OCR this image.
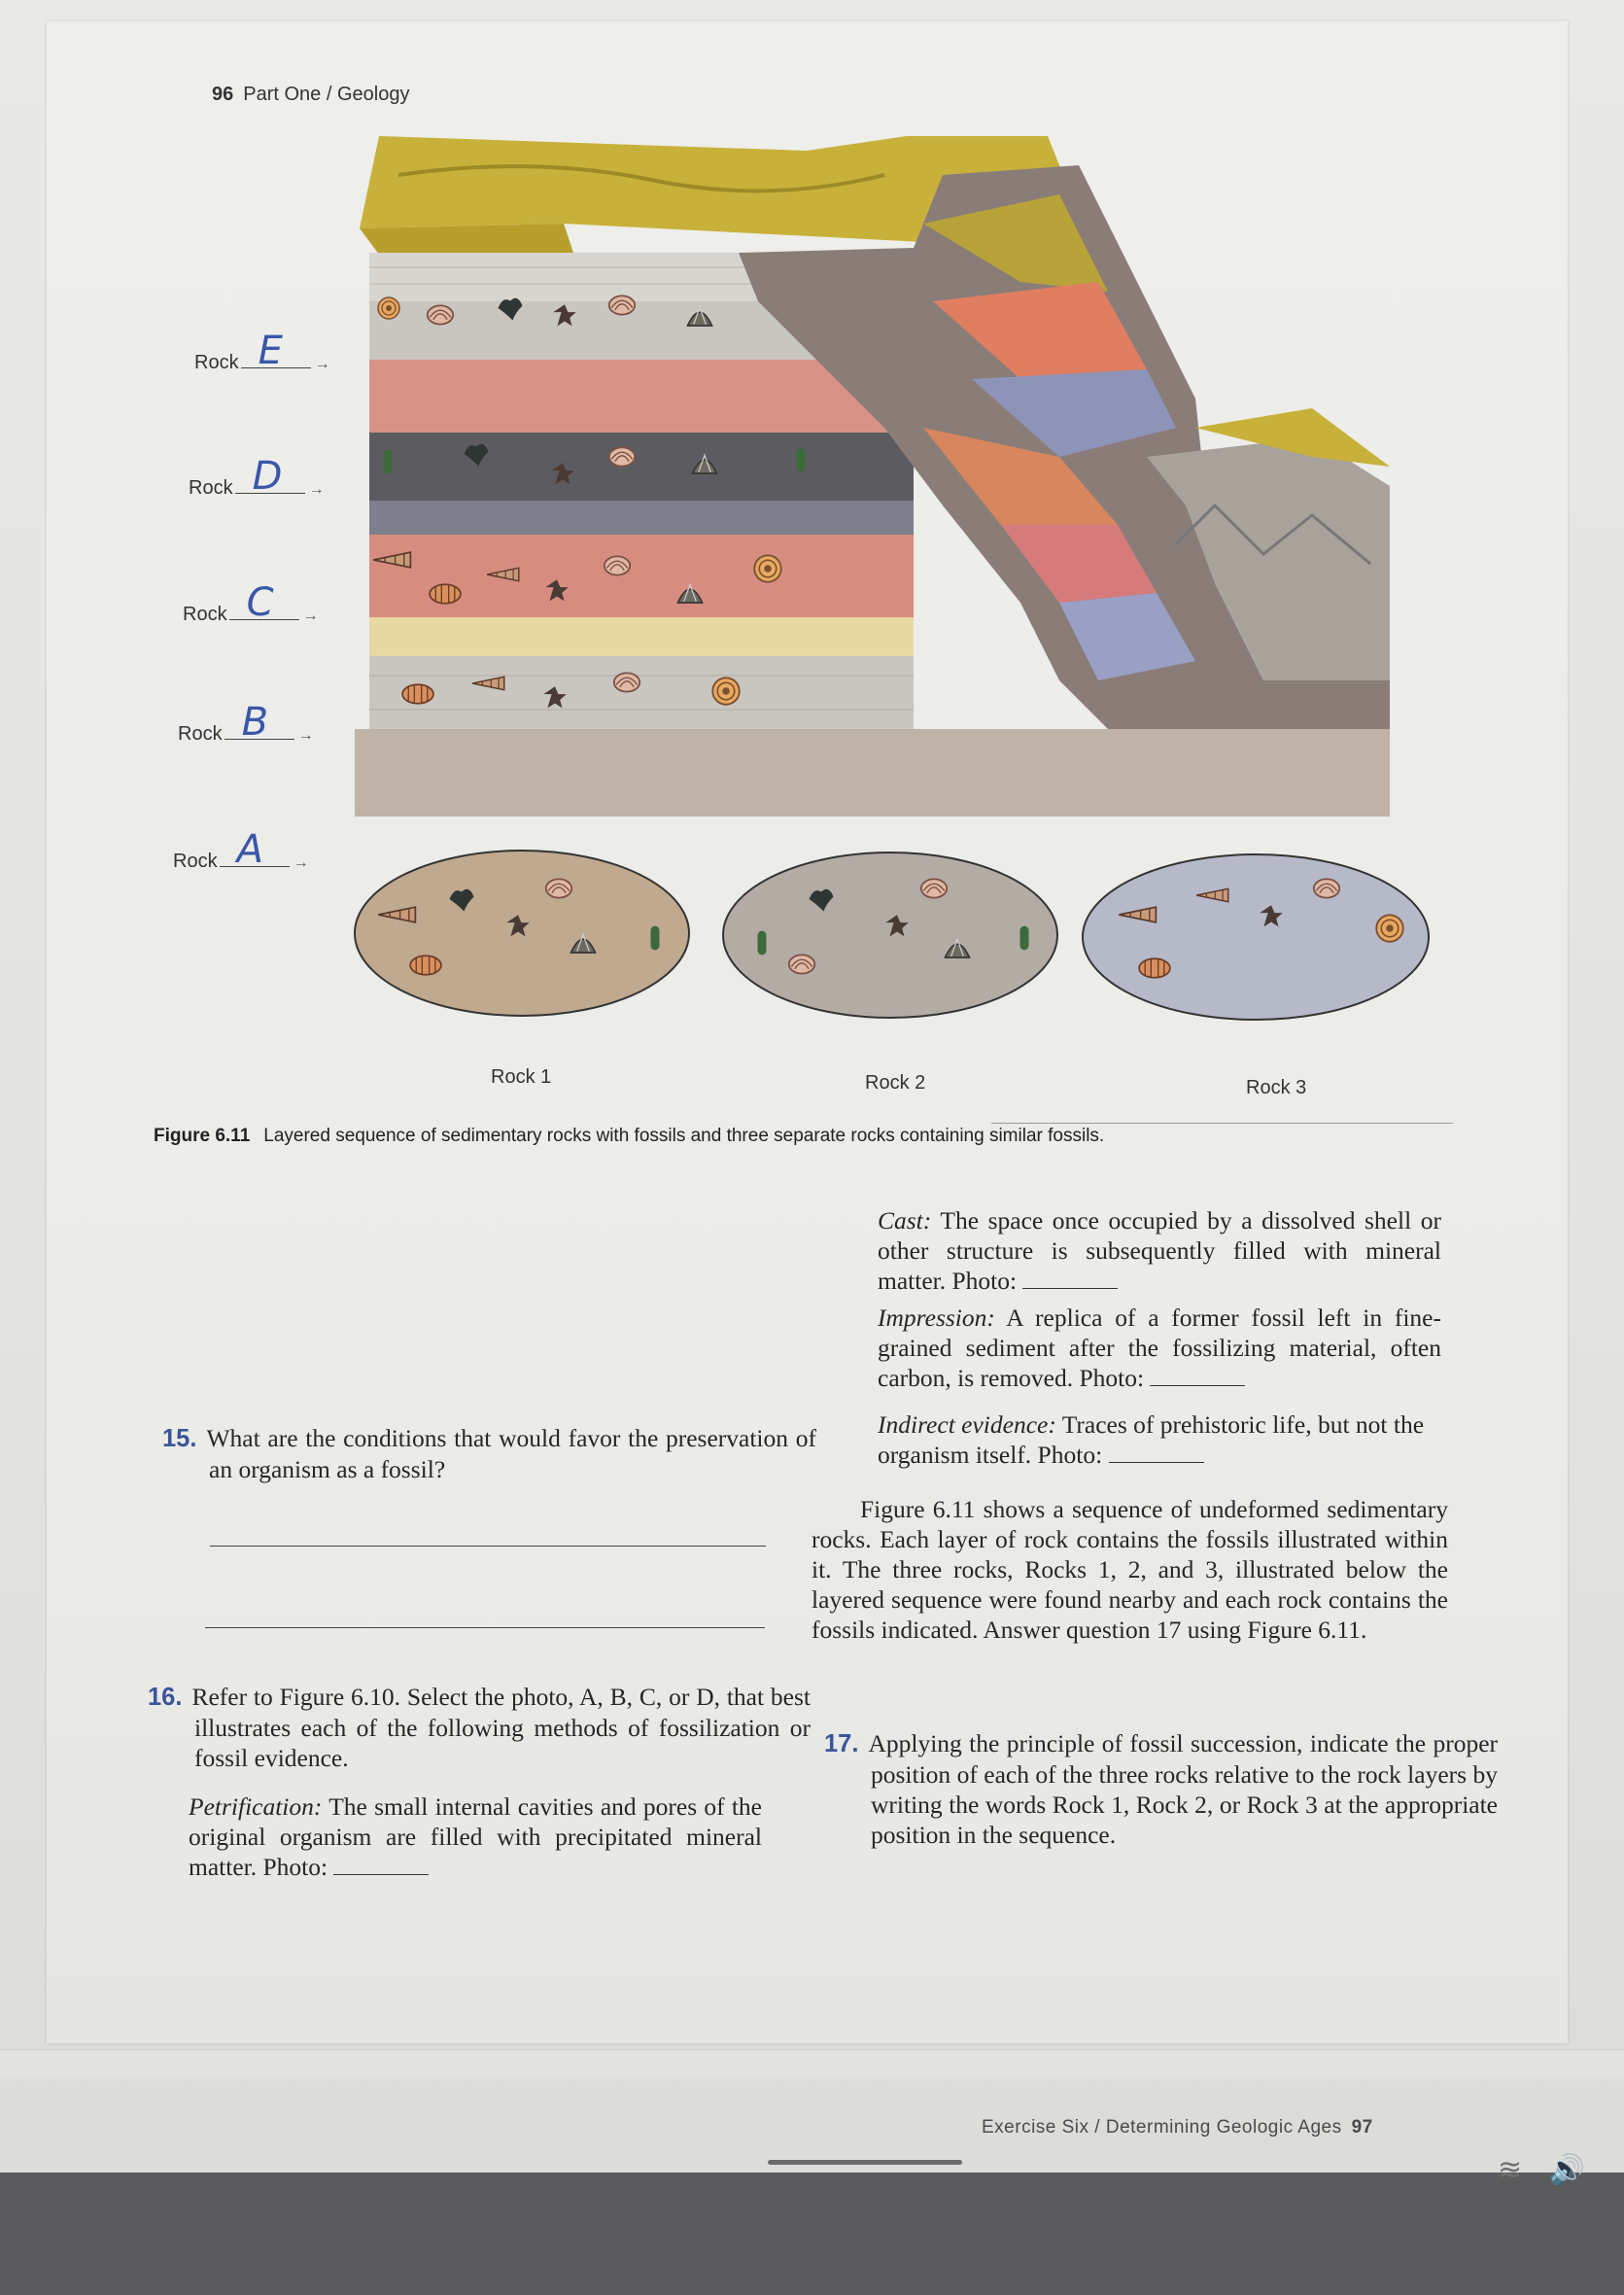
96 Part One / Geology
Rock E →
Rock D →
Rock C →
Rock B →
Rock A →
Rock 1	Rock 2	Rock 3
Figure 6.11 Layered sequence of sedimentary rocks with fossils and three separate rocks containing similar fossils.
Cast: The space once occupied by a dissolved shell or other structure is subsequently filled with mineral matter. Photo:
Impression: A replica of a former fossil left in fine-grained sediment after the fossilizing material, often carbon, is removed. Photo:
Indirect evidence: Traces of prehistoric life, but not the organism itself. Photo:
Figure 6.11 shows a sequence of undeformed sedimentary rocks. Each layer of rock contains the fossils illustrated within it. The three rocks, Rocks 1, 2, and 3, illustrated below the layered sequence were found nearby and each rock contains the fossils indicated. Answer question 17 using Figure 6.11.
17. Applying the principle of fossil succession, indicate the proper position of each of the three rocks relative to the rock layers by writing the words Rock 1, Rock 2, or Rock 3 at the appropriate position in the sequence.
15. What are the conditions that would favor the preservation of an organism as a fossil?
16. Refer to Figure 6.10. Select the photo, A, B, C, or D, that best illustrates each of the following methods of fossilization or fossil evidence.
Petrification: The small internal cavities and pores of the original organism are filled with precipitated mineral matter. Photo:
Exercise Six / Determining Geologic Ages 97
≋ 🔊
